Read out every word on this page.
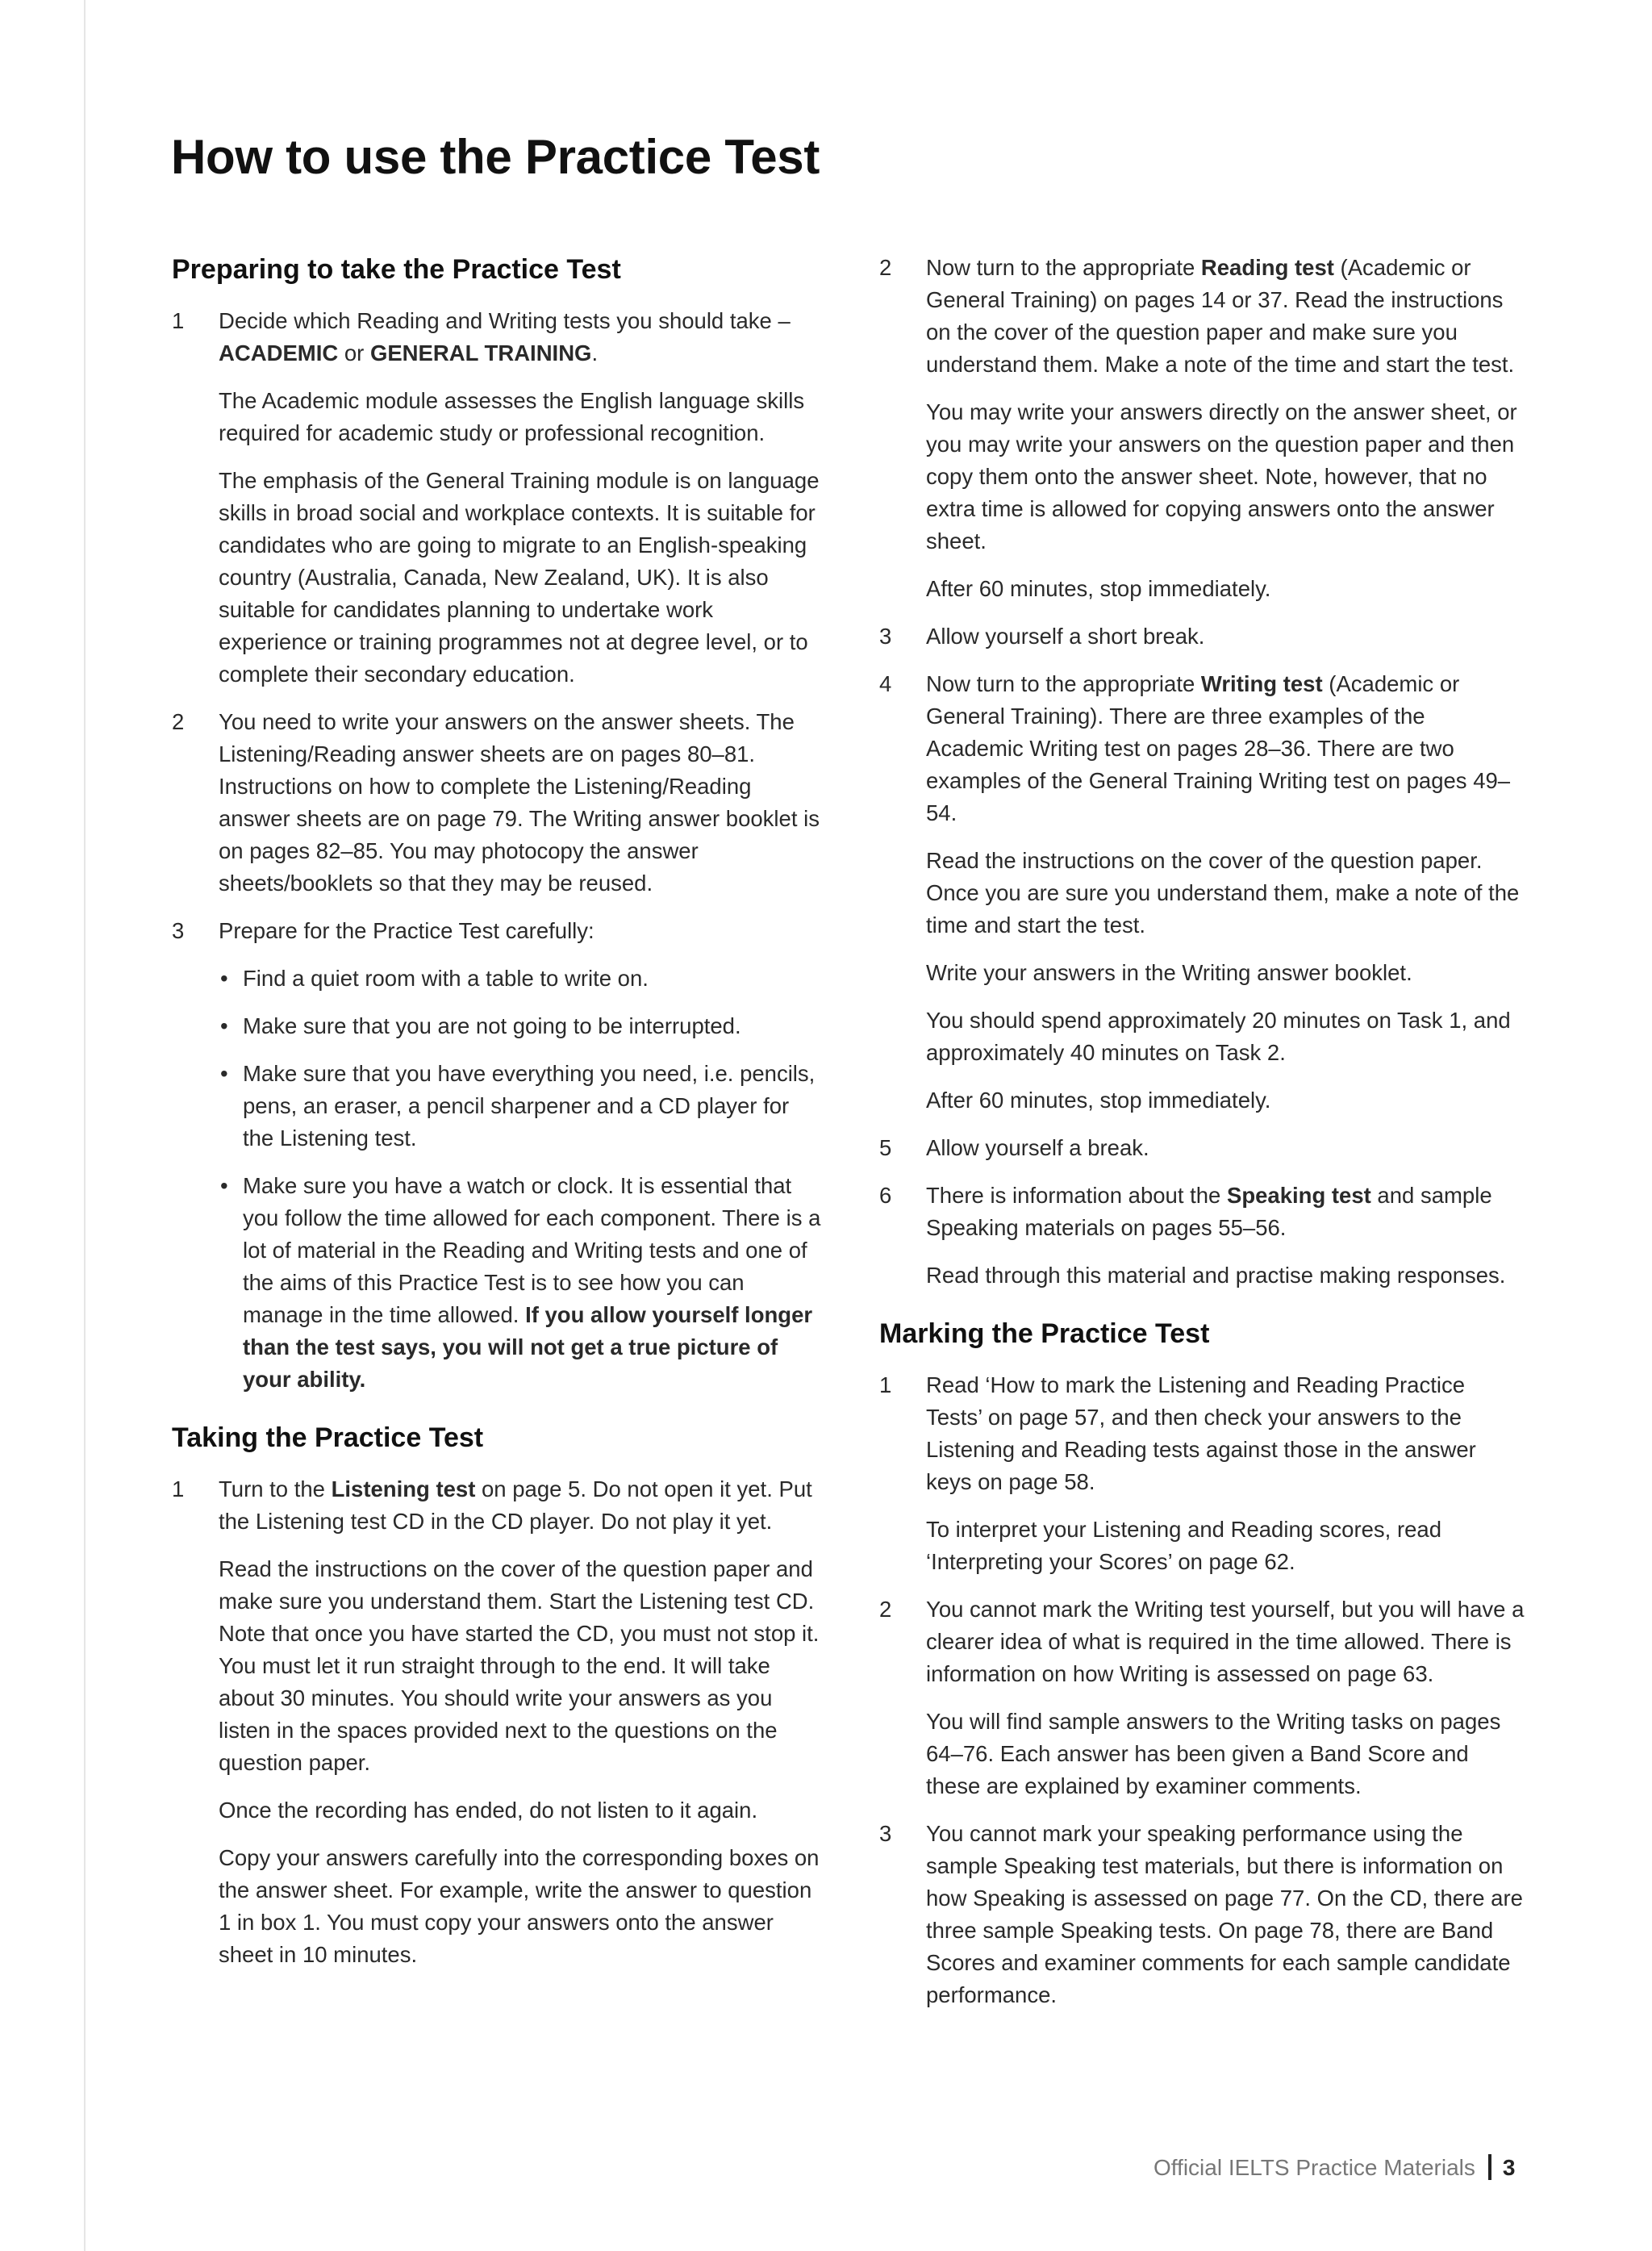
How to use the Practice Test
Preparing to take the Practice Test
1 Decide which Reading and Writing tests you should take –
ACADEMIC or GENERAL TRAINING.

The Academic module assesses the English language skills required for academic study or professional recognition.

The emphasis of the General Training module is on language skills in broad social and workplace contexts. It is suitable for candidates who are going to migrate to an English-speaking country (Australia, Canada, New Zealand, UK). It is also suitable for candidates planning to undertake work experience or training programmes not at degree level, or to complete their secondary education.

2 You need to write your answers on the answer sheets. The Listening/Reading answer sheets are on pages 80–81. Instructions on how to complete the Listening/Reading answer sheets are on page 79. The Writing answer booklet is on pages 82–85. You may photocopy the answer sheets/booklets so that they may be reused.

3 Prepare for the Practice Test carefully:

• Find a quiet room with a table to write on.
• Make sure that you are not going to be interrupted.
• Make sure that you have everything you need, i.e. pencils, pens, an eraser, a pencil sharpener and a CD player for the Listening test.
• Make sure you have a watch or clock. It is essential that you follow the time allowed for each component. There is a lot of material in the Reading and Writing tests and one of the aims of this Practice Test is to see how you can manage in the time allowed. If you allow yourself longer than the test says, you will not get a true picture of your ability.
Taking the Practice Test
1 Turn to the Listening test on page 5. Do not open it yet. Put the Listening test CD in the CD player. Do not play it yet.

Read the instructions on the cover of the question paper and make sure you understand them. Start the Listening test CD. Note that once you have started the CD, you must not stop it. You must let it run straight through to the end. It will take about 30 minutes. You should write your answers as you listen in the spaces provided next to the questions on the question paper.

Once the recording has ended, do not listen to it again.

Copy your answers carefully into the corresponding boxes on the answer sheet. For example, write the answer to question 1 in box 1. You must copy your answers onto the answer sheet in 10 minutes.

2 Now turn to the appropriate Reading test (Academic or General Training) on pages 14 or 37. Read the instructions on the cover of the question paper and make sure you understand them. Make a note of the time and start the test.

You may write your answers directly on the answer sheet, or you may write your answers on the question paper and then copy them onto the answer sheet. Note, however, that no extra time is allowed for copying answers onto the answer sheet.

After 60 minutes, stop immediately.

3 Allow yourself a short break.

4 Now turn to the appropriate Writing test (Academic or General Training). There are three examples of the Academic Writing test on pages 28–36. There are two examples of the General Training Writing test on pages 49–54.

Read the instructions on the cover of the question paper. Once you are sure you understand them, make a note of the time and start the test.

Write your answers in the Writing answer booklet.

You should spend approximately 20 minutes on Task 1, and approximately 40 minutes on Task 2.

After 60 minutes, stop immediately.

5 Allow yourself a break.

6 There is information about the Speaking test and sample Speaking materials on pages 55–56.

Read through this material and practise making responses.

Marking the Practice Test
1 Read ‘How to mark the Listening and Reading Practice Tests’ on page 57, and then check your answers to the Listening and Reading tests against those in the answer keys on page 58.

To interpret your Listening and Reading scores, read ‘Interpreting your Scores’ on page 62.

2 You cannot mark the Writing test yourself, but you will have a clearer idea of what is required in the time allowed. There is information on how Writing is assessed on page 63.

You will find sample answers to the Writing tasks on pages 64–76. Each answer has been given a Band Score and these are explained by examiner comments.

3 You cannot mark your speaking performance using the sample Speaking test materials, but there is information on how Speaking is assessed on page 77. On the CD, there are three sample Speaking tests. On page 78, there are Band Scores and examiner comments for each sample candidate performance.

Official IELTS Practice Materials 3
